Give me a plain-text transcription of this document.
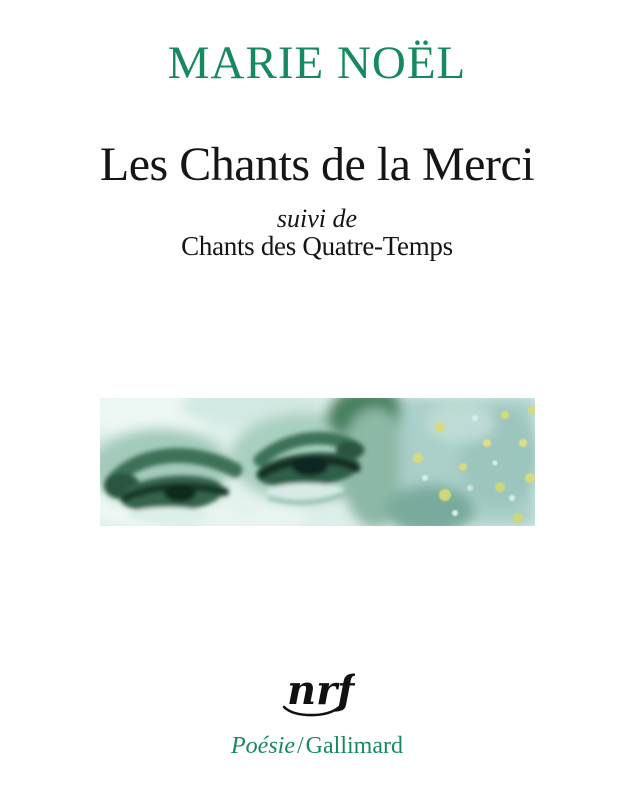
MARIE NOËL
Les Chants de la Merci
suivi de
Chants des Quatre-Temps
nrf
Poésie/Gallimard
